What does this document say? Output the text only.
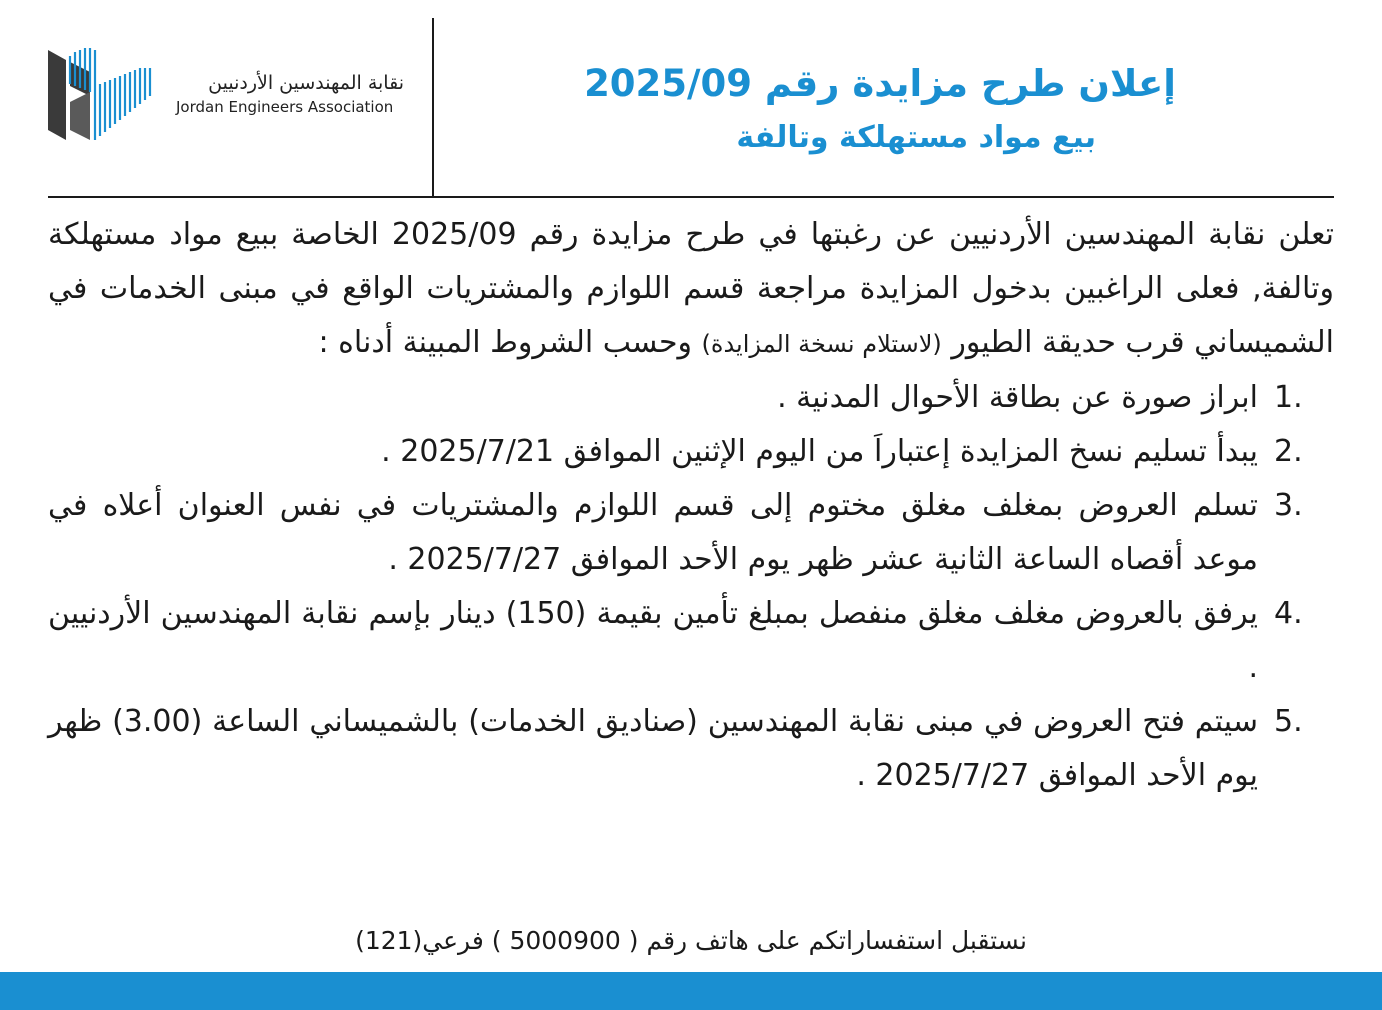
نقابة المهندسين الأردنيين
Jordan Engineers Association
إعلان طرح مزايدة رقم 2025/09
بيع مواد مستهلكة وتالفة
تعلن نقابة المهندسين الأردنيين عن رغبتها في طرح مزايدة رقم 2025/09 الخاصة ببيع مواد مستهلكة وتالفة, فعلى الراغبين بدخول المزايدة مراجعة قسم اللوازم والمشتريات الواقع في مبنى الخدمات في الشميساني قرب حديقة الطيور (لاستلام نسخة المزايدة) وحسب الشروط المبينة أدناه :
1.
ابراز صورة عن بطاقة الأحوال المدنية .
2.
يبدأ تسليم نسخ المزايدة إعتباراَ من اليوم الإثنين الموافق 2025/7/21 .
3.
تسلم العروض بمغلف مغلق مختوم إلى قسم اللوازم والمشتريات في نفس العنوان أعلاه في موعد أقصاه الساعة الثانية عشر ظهر يوم الأحد الموافق 2025/7/27 .
4.
يرفق بالعروض مغلف مغلق منفصل بمبلغ تأمين بقيمة (150) دينار بإسم نقابة المهندسين الأردنيين .
5.
سيتم فتح العروض في مبنى نقابة المهندسين (صناديق الخدمات) بالشميساني الساعة (3.00) ظهر يوم الأحد الموافق 2025/7/27 .
نستقبل استفساراتكم على هاتف رقم ( 5000900 ) فرعي(121)
